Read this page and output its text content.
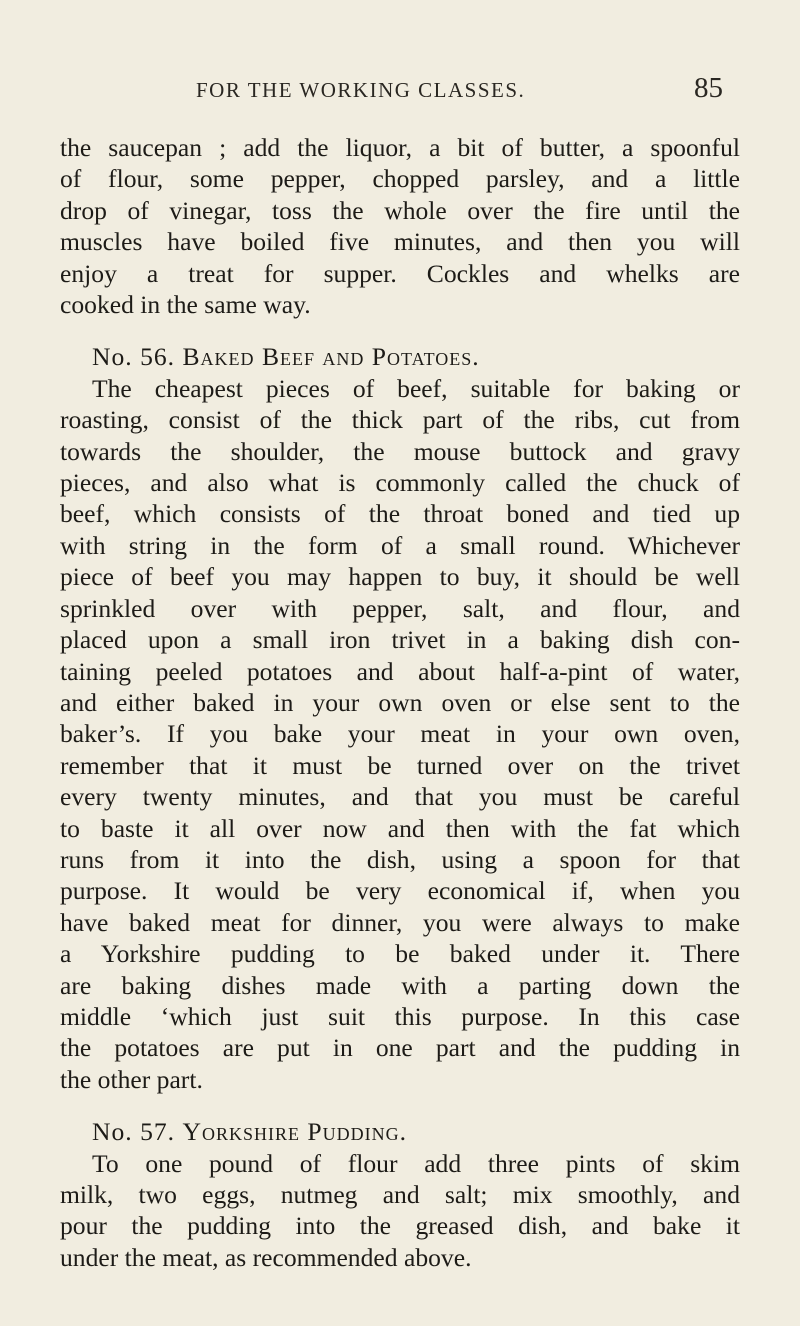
FOR THE WORKING CLASSES.	85
the saucepan ; add the liquor, a bit of butter, a spoonful
of flour, some pepper, chopped parsley, and a little
drop of vinegar, toss the whole over the fire until the
muscles have boiled five minutes, and then you will
enjoy a treat for supper. Cockles and whelks are
cooked in the same way.
No. 56. Baked Beef and Potatoes.
The cheapest pieces of beef, suitable for baking or
roasting, consist of the thick part of the ribs, cut from
towards the shoulder, the mouse buttock and gravy
pieces, and also what is commonly called the chuck of
beef, which consists of the throat boned and tied up
with string in the form of a small round. Whichever
piece of beef you may happen to buy, it should be well
sprinkled over with pepper, salt, and flour, and
placed upon a small iron trivet in a baking dish con-
taining peeled potatoes and about half-a-pint of water,
and either baked in your own oven or else sent to the
baker’s. If you bake your meat in your own oven,
remember that it must be turned over on the trivet
every twenty minutes, and that you must be careful
to baste it all over now and then with the fat which
runs from it into the dish, using a spoon for that
purpose. It would be very economical if, when you
have baked meat for dinner, you were always to make
a Yorkshire pudding to be baked under it. There
are baking dishes made with a parting down the
middle ‘which just suit this purpose. In this case
the potatoes are put in one part and the pudding in
the other part.
No. 57. Yorkshire Pudding.
To one pound of flour add three pints of skim
milk, two eggs, nutmeg and salt; mix smoothly, and
pour the pudding into the greased dish, and bake it
under the meat, as recommended above.
